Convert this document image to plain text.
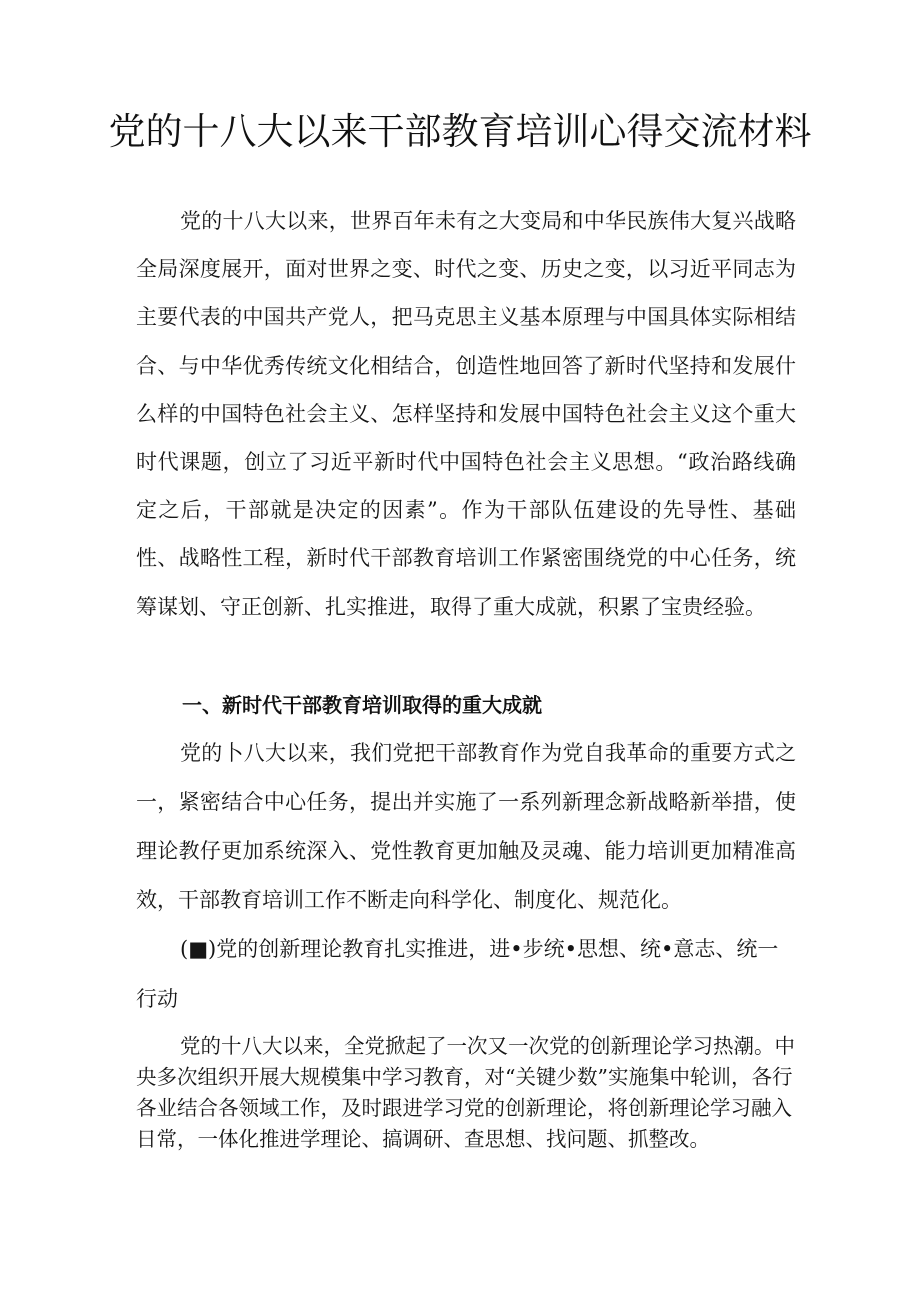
党的十八大以来干部教育培训心得交流材料
党的十八大以来，世界百年未有之大变局和中华民族伟大复兴战略全局深度展开，面对世界之变、时代之变、历史之变，以习近平同志为主要代表的中国共产党人，把马克思主义基本原理与中国具体实际相结合、与中华优秀传统文化相结合，创造性地回答了新时代坚持和发展什么样的中国特色社会主义、怎样坚持和发展中国特色社会主义这个重大时代课题，创立了习近平新时代中国特色社会主义思想。“政治路线确定之后，干部就是决定的因素”。作为干部队伍建设的先导性、基础性、战略性工程，新时代干部教育培训工作紧密围绕党的中心任务，统筹谋划、守正创新、扎实推进，取得了重大成就，积累了宝贵经验。
一、新时代干部教育培训取得的重大成就
党的卜八大以来，我们党把干部教育作为党自我革命的重要方式之一，紧密结合中心任务，提出并实施了一系列新理念新战略新举措，使理论教仔更加系统深入、党性教育更加触及灵魂、能力培训更加精准高效，干部教育培训工作不断走向科学化、制度化、规范化。
(■)党的创新理论教育扎实推进，进•步统•思想、统•意志、统一行动
党的十八大以来，全党掀起了一次又一次党的创新理论学习热潮。中央多次组织开展大规模集中学习教育，对“关键少数”实施集中轮训，各行各业结合各领域工作，及时跟进学习党的创新理论，将创新理论学习融入日常，一体化推进学理论、搞调研、查思想、找问题、抓整改。
